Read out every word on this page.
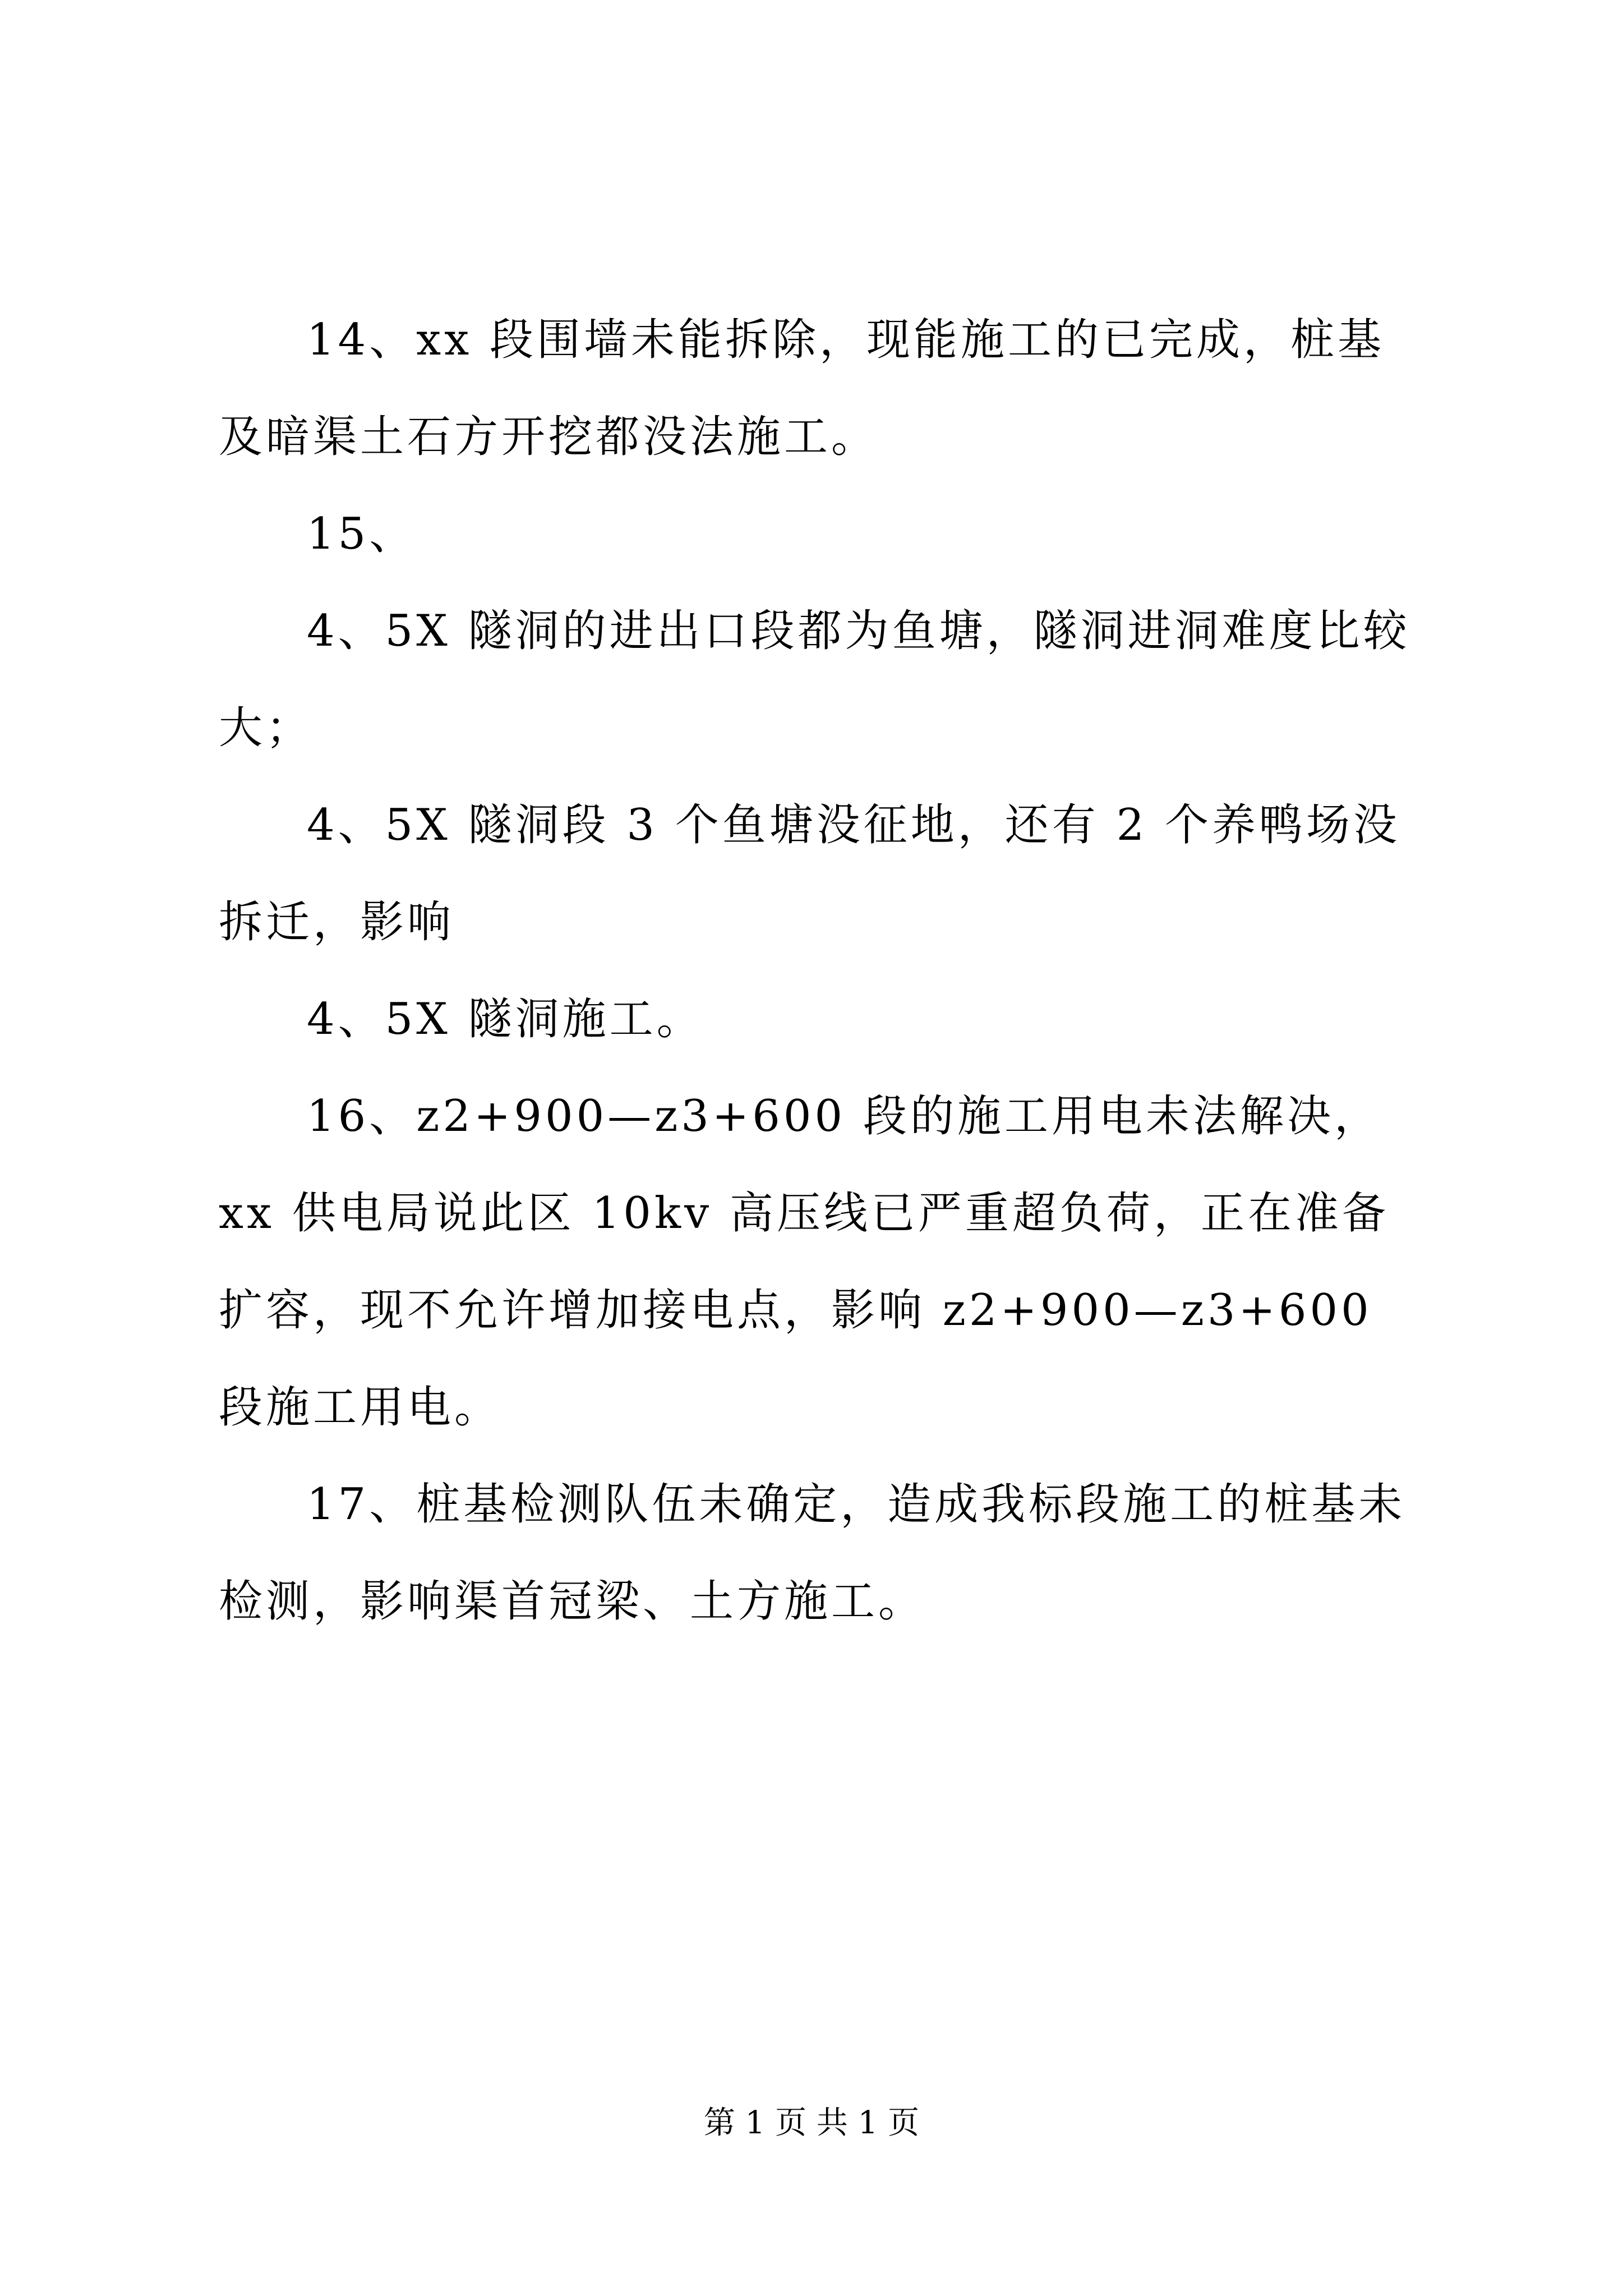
14、xx 段围墙未能拆除，现能施工的已完成，桩基及暗渠土石方开挖都没法施工。

15、

4、5X 隧洞的进出口段都为鱼塘，隧洞进洞难度比较大；

4、5X 隧洞段 3 个鱼塘没征地，还有 2 个养鸭场没拆迁，影响

4、5X 隧洞施工。

16、z2+900—z3+600 段的施工用电未法解决，xx 供电局说此区 10kv 高压线已严重超负荷，正在准备扩容，现不允许增加接电点，影响 z2+900—z3+600 段施工用电。

17、桩基检测队伍未确定，造成我标段施工的桩基未检测，影响渠首冠梁、土方施工。

第 1 页 共 1 页
